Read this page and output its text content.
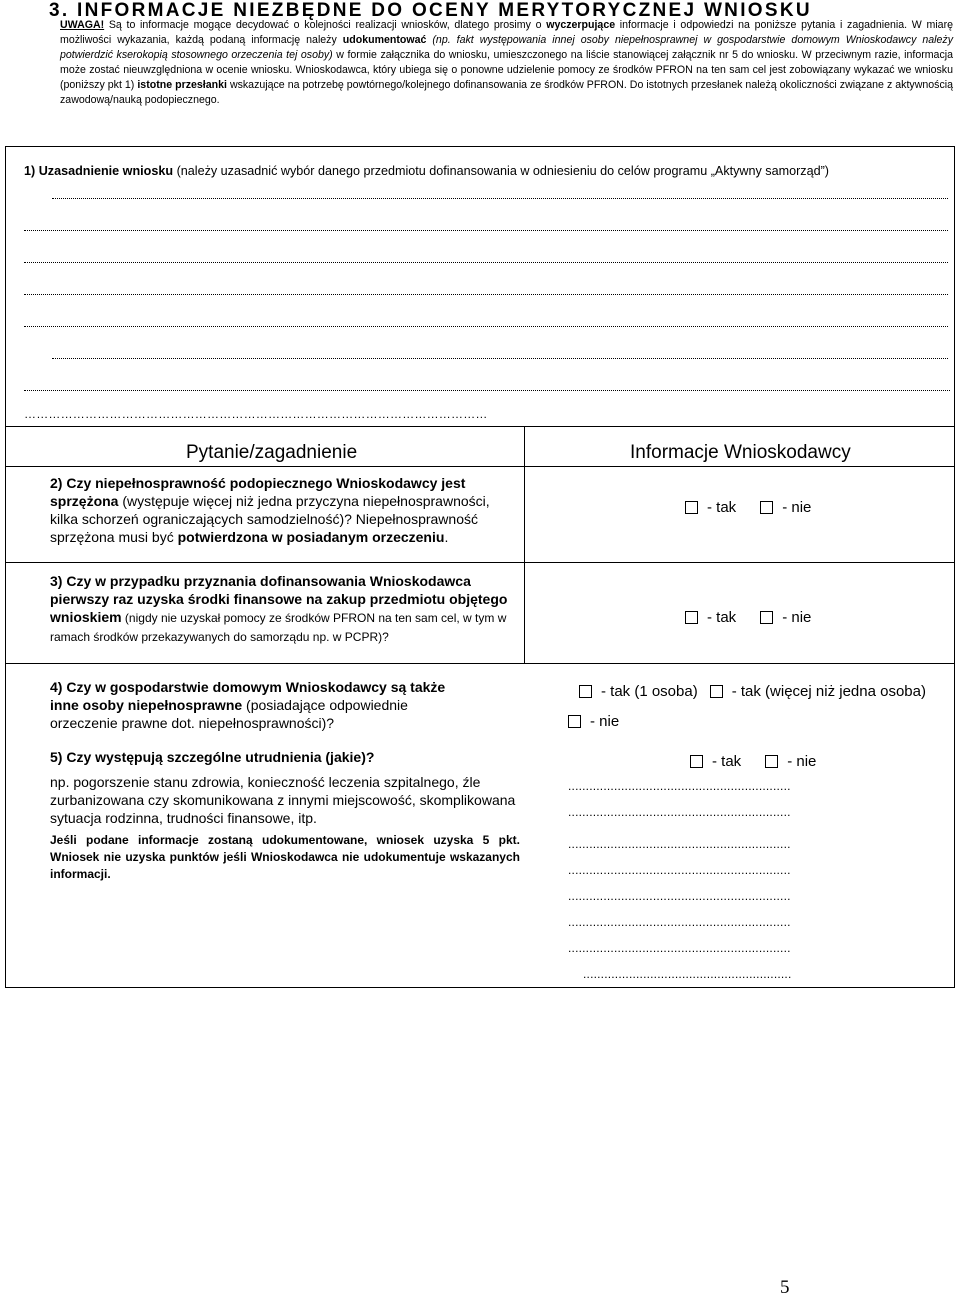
3. INFORMACJE NIEZBĘDNE DO OCENY MERYTORYCZNEJ WNIOSKU
UWAGA! Są to informacje mogące decydować o kolejności realizacji wniosków, dlatego prosimy o wyczerpujące informacje i odpowiedzi na poniższe pytania i zagadnienia. W miarę możliwości wykazania, każdą podaną informację należy udokumentować (np. fakt występowania innej osoby niepełnosprawnej w gospodarstwie domowym Wnioskodawcy należy potwierdzić kserokopią stosownego orzeczenia tej osoby) w formie załącznika do wniosku, umieszczonego na liście stanowiącej załącznik nr 5 do wniosku. W przeciwnym razie, informacja może zostać nieuwzględniona w ocenie wniosku. Wnioskodawca, który ubiega się o ponowne udzielenie pomocy ze środków PFRON na ten sam cel jest zobowiązany wykazać we wniosku (poniższy pkt 1) istotne przesłanki wskazujące na potrzebę powtórnego/kolejnego dofinansowania ze środków PFRON. Do istotnych przesłanek należą okoliczności związane z aktywnością zawodową/nauką podopiecznego.
1) Uzasadnienie wniosku (należy uzasadnić wybór danego przedmiotu dofinansowania w odniesieniu do celów programu „Aktywny samorząd”)
……………………………………………………………………………………………………
Pytanie/zagadnienie	Informacje Wnioskodawcy
2) Czy niepełnosprawność podopiecznego Wnioskodawcy jest sprzężona (występuje więcej niż jedna przyczyna niepełnosprawności, kilka schorzeń ograniczających samodzielność)? Niepełnosprawność sprzężona musi być potwierdzona w posiadanym orzeczeniu.
- tak	- nie
3) Czy w przypadku przyznania dofinansowania Wnioskodawca pierwszy raz uzyska środki finansowe na zakup przedmiotu objętego wnioskiem (nigdy nie uzyskał pomocy ze środków PFRON na ten sam cel, w tym w ramach środków przekazywanych do samorządu np. w PCPR)?
- tak	- nie
4) Czy w gospodarstwie domowym Wnioskodawcy są także inne osoby niepełnosprawne (posiadające odpowiednie orzeczenie prawne dot. niepełnosprawności)?
- tak (1 osoba) - tak (więcej niż jedna osoba)
- nie
5) Czy występują szczególne utrudnienia (jakie)?
np. pogorszenie stanu zdrowia, konieczność leczenia szpitalnego, źle zurbanizowana czy skomunikowana z innymi miejscowość, skomplikowana sytuacja rodzinna, trudności finansowe, itp.
Jeśli podane informacje zostaną udokumentowane, wniosek uzyska 5 pkt. Wniosek nie uzyska punktów jeśli Wnioskodawca nie udokumentuje wskazanych informacji.
- tak	- nie
...............................................................
...............................................................
...............................................................
...............................................................
...............................................................
...............................................................
...............................................................
...........................................................
5
